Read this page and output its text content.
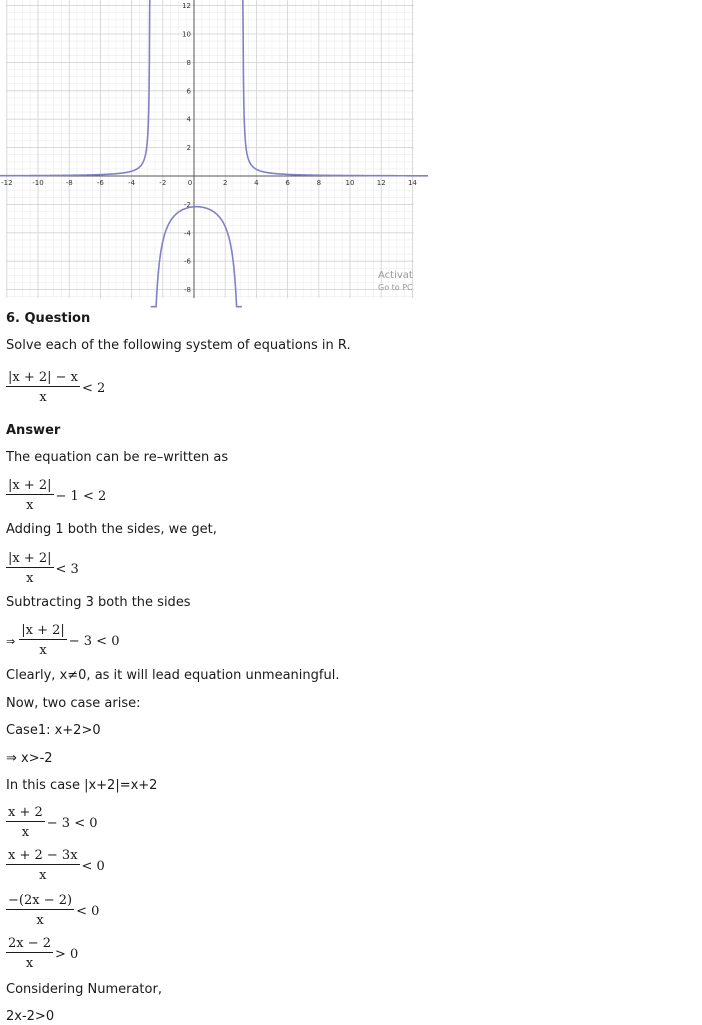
-12	-10	-8	-6	-4	-2	0	2	4	6	8	10	12	14
2
4
6
8
10
12
-2
-4
-6
-8
Activat
Go to PC
6. Question
Solve each of the following system of equations in R.
$\frac{|x + 2| - x}{x} < 2$
Answer
The equation can be re–written as
$\frac{|x + 2|}{x} - 1 < 2$
Adding 1 both the sides, we get,
$\frac{|x + 2|}{x} < 3$
Subtracting 3 both the sides
⇒ $\frac{|x + 2|}{x} - 3 < 0$
Clearly, x≠0, as it will lead equation unmeaningful.
Now, two case arise:
Case1: x+2>0
⇒ x>-2
In this case |x+2|=x+2
$\frac{x + 2}{x} - 3 < 0$
$\frac{x + 2 - 3x}{x} < 0$
$\frac{-(2x - 2)}{x} < 0$
$\frac{2x - 2}{x} > 0$
Considering Numerator,
2x-2>0
